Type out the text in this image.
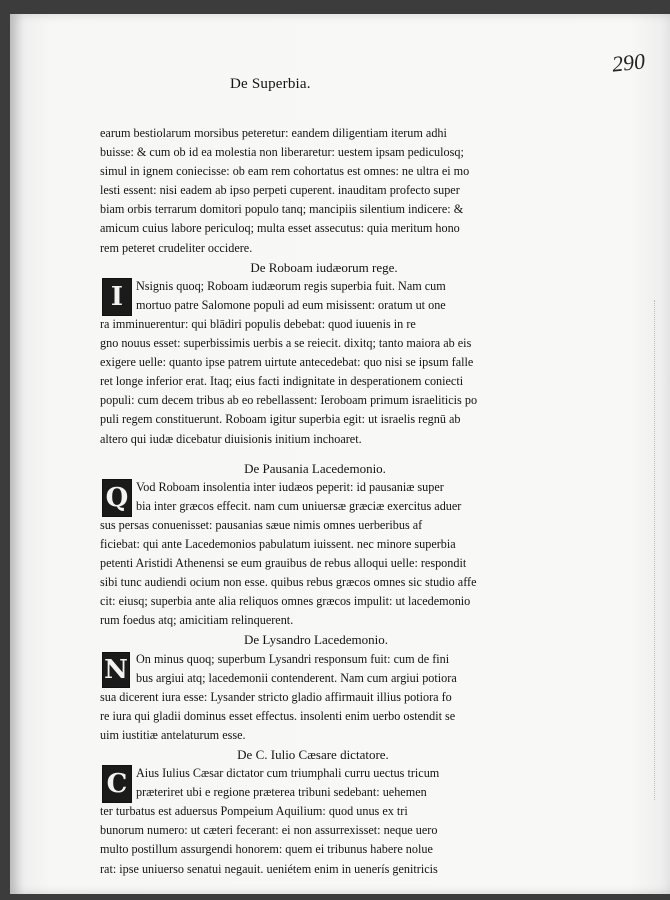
290
De Superbia.
earum bestiolarum morsibus peteretur: eandem diligentiam iterum adhi
buisse: & cum ob id ea molestia non liberaretur: uestem ipsam pediculosq;
simul in ignem coniecisse: ob eam rem cohortatus est omnes: ne ultra ei mo
lesti essent: nisi eadem ab ipso perpeti cuperent. inauditam profecto super
biam orbis terrarum domitori populo tanq; mancipiis silentium indicere: &
amicum cuius labore periculoq; multa esset assecutus: quia meritum hono
rem peteret crudeliter occidere.
De Roboam iudæorum rege.
I	Nsignis quoq; Roboam iudæorum regis superbia fuit. Nam cum
mortuo patre Salomone populi ad eum misissent: oratum ut one
ra imminuerentur: qui blādiri populis debebat: quod iuuenis in re
gno nouus esset: superbissimis uerbis a se reiecit. dixitq; tanto maiora ab eis
exigere uelle: quanto ipse patrem uirtute antecedebat: quo nisi se ipsum falle
ret longe inferior erat. Itaq; eius facti indignitate in desperationem coniecti
populi: cum decem tribus ab eo rebellassent: Ieroboam primum israeliticis po
puli regem constituerunt. Roboam igitur superbia egit: ut israelis regnū ab
altero qui iudæ dicebatur diuisionis initium inchoaret.
De Pausania Lacedemonio.
Q Vod Roboam insolentia inter iudæos peperit: id pausaniæ super
bia inter græcos effecit. nam cum uniuersæ græciæ exercitus aduer
sus persas conuenisset: pausanias sæue nimis omnes uerberibus af
ficiebat: qui ante Lacedemonios pabulatum iuissent. nec minore superbia
petenti Aristidi Athenensi se eum grauibus de rebus alloqui uelle: respondit
sibi tunc audiendi ocium non esse. quibus rebus græcos omnes sic studio affe
cit: eiusq; superbia ante alia reliquos omnes græcos impulit: ut lacedemonio
rum foedus atq; amicitiam relinquerent.
De Lysandro Lacedemonio.
N On minus quoq; superbum Lysandri responsum fuit: cum de fini
bus argiui atq; lacedemonii contenderent. Nam cum argiui potiora
sua dicerent iura esse: Lysander stricto gladio affirmauit illius potiora fo
re iura qui gladii dominus esset effectus. insolenti enim uerbo ostendit se
uim iustitiæ antelaturum esse.
De C. Iulio Cæsare dictatore.
C Aius Iulius Cæsar dictator cum triumphali curru uectus tricum
præteriret ubi e regione præterea tribuni sedebant: uehemen
ter turbatus est aduersus Pompeium Aquilium: quod unus ex tri
bunorum numero: ut cæteri fecerant: ei non assurrexisset: neque uero
multo postillum assurgendi honorem: quem ei tribunus habere nolue
rat: ipse uniuerso senatui negauit. ueniétem enim in uenerís genitricis
